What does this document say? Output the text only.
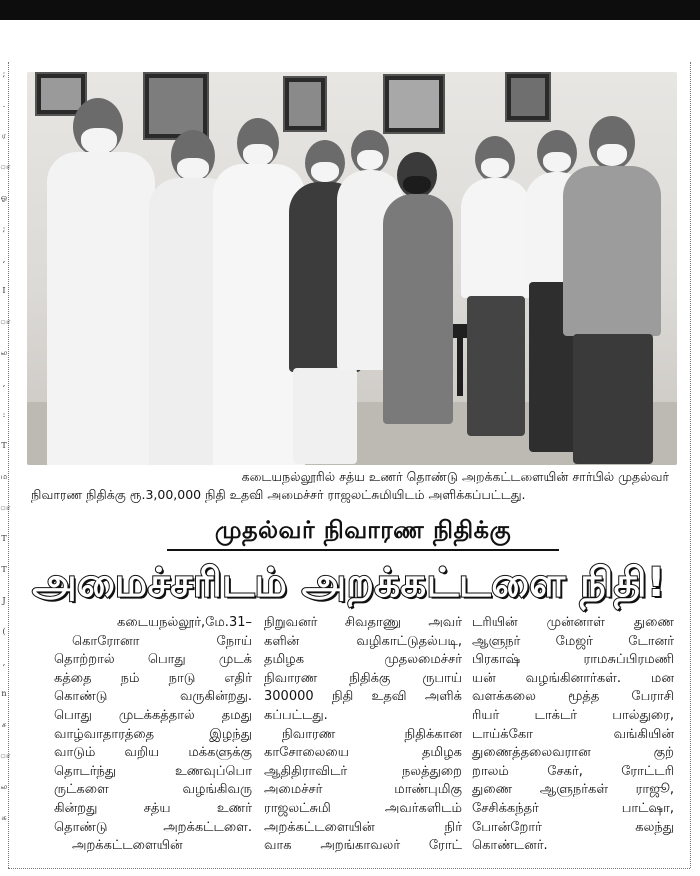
;
.
ர
ா
ஓ
;
,
I
ா
ல
,
:
T
ம
ா
T
T
J
(
,
n
ச
ா
ல
க
கடையநல்லூரில் சத்ய உணர் தொண்டு அறக்கட்டளையின் சார்பில் முதல்வர்
நிவாரண நிதிக்கு ரூ.3,00,000 நிதி உதவி அமைச்சர் ராஜலட்சுமியிடம் அளிக்கப்பட்டது.
முதல்வர் நிவாரண நிதிக்கு
அமைச்சரிடம் அறக்கட்டளை நிதி!
கடையநல்லூர்,மே.31–
கொரோனா நோய்
தொற்றால் பொது முடக்
கத்தை நம் நாடு எதிர்
கொண்டு வருகின்றது.
பொது முடக்கத்தால் தமது
வாழ்வாதாரத்தை இழந்து
வாடும் வறிய மக்களுக்கு
தொடர்ந்து உணவுப்பொ
ருட்களை வழங்கிவரு
கின்றது சத்ய உணர்
தொண்டு அறக்கட்டளை.
அறக்கட்டளையின்
நிறுவனர் சிவதாணு அவர்
களின் வழிகாட்டுதல்படி,
தமிழக முதலமைச்சர்
நிவாரண நிதிக்கு ருபாய்
300000 நிதி உதவி அளிக்
கப்பட்டது.
நிவாரண நிதிக்கான
காசோலையை தமிழக
ஆதிதிராவிடர் நலத்துறை
அமைச்சர் மாண்புமிகு
ராஜலட்சுமி அவர்களிடம்
அறக்கட்டளையின் நிர்
வாக அறங்காவலர் ரோட்
டரியின் முன்னாள் துணை
ஆளுநர் மேஜர் டோனர்
பிரகாஷ் ராமசுப்பிரமணி
யன் வழங்கினார்கள். மன
வளக்கலை மூத்த பேராசி
ரியர் டாக்டர் பால்துரை,
டாய்க்கோ வங்கியின்
துணைத்தலைவரான குற்
றாலம் சேகர், ரோட்டரி
துணை ஆளுநர்கள் ராஜூ,
சேசிக்கந்தர் பாட்ஷா,
போன்றோர் கலந்து
கொண்டனர்.
